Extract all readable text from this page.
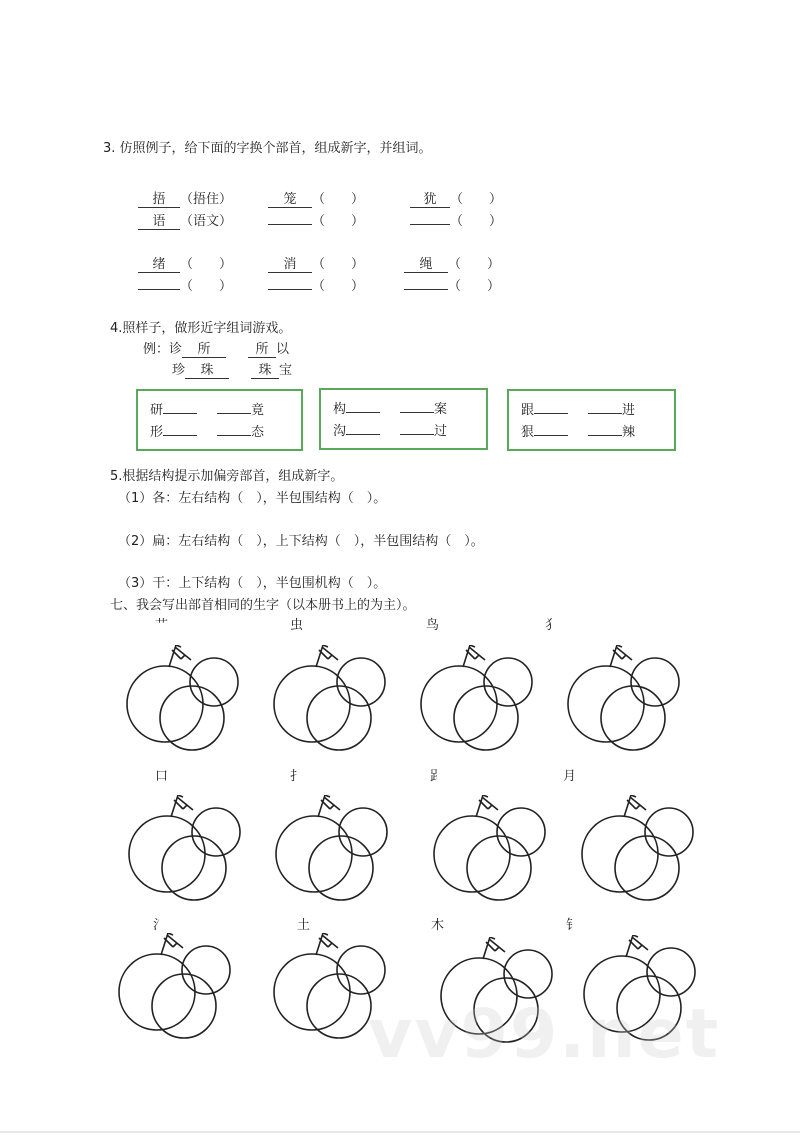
3. 仿照例子，给下面的字换个部首，组成新字，并组词。
捂 （捂住）	笼 （　　）	犹 （　　）
语 （语文）	（　　）	（　　）
绪 （　　）	消 （　　）	绳 （　　）
（　　）	（　　）	（　　）
4.照样子，做形近字组词游戏。
例：诊 所	所 以
珍 珠	珠 宝
研	竟
形	态
构	案
沟	过
跟	进
狠	辣
5.根据结构提示加偏旁部首，组成新字。
（1）各：左右结构（　），半包围结构（　）。
（2）扁：左右结构（　），上下结构（　），半包围结构（　）。
（3）干：上下结构（　），半包围机构（　）。
七、我会写出部首相同的生字（以本册书上的为主）。
艹	虫	鸟	犭
口	扌	𧾷	月
氵	土	木	钅
vv99.net
